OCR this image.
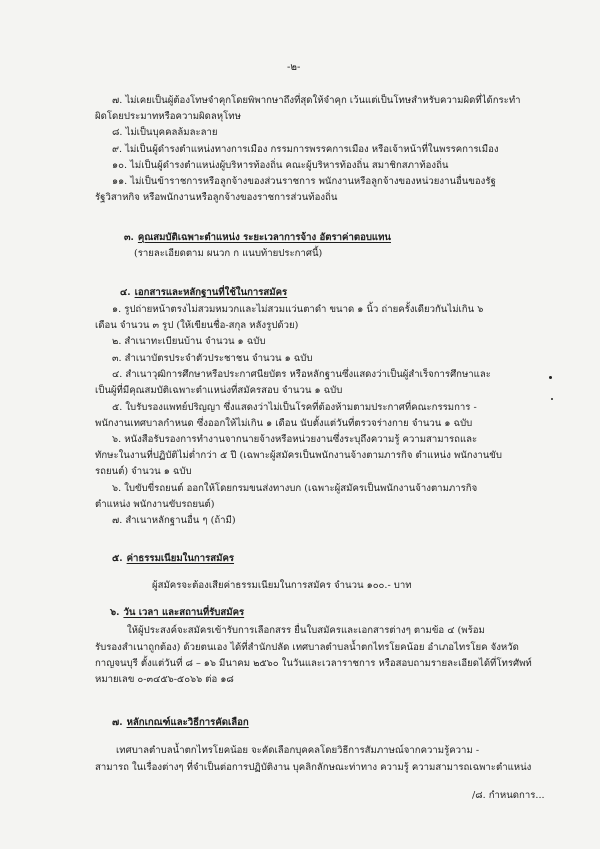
-๒-
๗. ไม่เคยเป็นผู้ต้องโทษจำคุกโดยพิพากษาถึงที่สุดให้จำคุก เว้นแต่เป็นโทษสำหรับความผิดที่ได้กระทำ
ผิดโดยประมาทหรือความผิดลหุโทษ
๘. ไม่เป็นบุคคลล้มละลาย
๙. ไม่เป็นผู้ดำรงตำแหน่งทางการเมือง กรรมการพรรคการเมือง หรือเจ้าหน้าที่ในพรรคการเมือง
๑๐. ไม่เป็นผู้ดำรงตำแหน่งผู้บริหารท้องถิ่น คณะผู้บริหารท้องถิ่น สมาชิกสภาท้องถิ่น
๑๑. ไม่เป็นข้าราชการหรือลูกจ้างของส่วนราชการ พนักงานหรือลูกจ้างของหน่วยงานอื่นของรัฐ
รัฐวิสาหกิจ หรือพนักงานหรือลูกจ้างของราชการส่วนท้องถิ่น
๓. คุณสมบัติเฉพาะตำแหน่ง ระยะเวลาการจ้าง อัตราค่าตอบแทน
(รายละเอียดตาม ผนวก ก แนบท้ายประกาศนี้)
๔. เอกสารและหลักฐานที่ใช้ในการสมัคร
๑. รูปถ่ายหน้าตรงไม่สวมหมวกและไม่สวมแว่นตาดำ ขนาด ๑ นิ้ว ถ่ายครั้งเดียวกันไม่เกิน ๖
เดือน จำนวน ๓ รูป (ให้เขียนชื่อ-สกุล หลังรูปด้วย)
๒. สำเนาทะเบียนบ้าน จำนวน ๑ ฉบับ
๓. สำเนาบัตรประจำตัวประชาชน จำนวน ๑ ฉบับ
๔. สำเนาวุฒิการศึกษาหรือประกาศนียบัตร หรือหลักฐานซึ่งแสดงว่าเป็นผู้สำเร็จการศึกษาและ
เป็นผู้ที่มีคุณสมบัติเฉพาะตำแหน่งที่สมัครสอบ จำนวน ๑ ฉบับ
๕. ใบรับรองแพทย์ปริญญา ซึ่งแสดงว่าไม่เป็นโรคที่ต้องห้ามตามประกาศที่คณะกรรมการ -
พนักงานเทศบาลกำหนด ซึ่งออกให้ไม่เกิน ๑ เดือน นับตั้งแต่วันที่ตรวจร่างกาย จำนวน ๑ ฉบับ
๖. หนังสือรับรองการทำงานจากนายจ้างหรือหน่วยงานซึ่งระบุถึงความรู้ ความสามารถและ
ทักษะในงานที่ปฏิบัติไม่ต่ำกว่า ๕ ปี (เฉพาะผู้สมัครเป็นพนักงานจ้างตามภารกิจ ตำแหน่ง พนักงานขับ
รถยนต์) จำนวน ๑ ฉบับ
๖. ใบขับขี่รถยนต์ ออกให้โดยกรมขนส่งทางบก (เฉพาะผู้สมัครเป็นพนักงานจ้างตามภารกิจ
ตำแหน่ง พนักงานขับรถยนต์)
๗. สำเนาหลักฐานอื่น ๆ (ถ้ามี)
๕. ค่าธรรมเนียมในการสมัคร
ผู้สมัครจะต้องเสียค่าธรรมเนียมในการสมัคร จำนวน ๑๐๐.- บาท
๖. วัน เวลา และสถานที่รับสมัคร
ให้ผู้ประสงค์จะสมัครเข้ารับการเลือกสรร ยื่นใบสมัครและเอกสารต่างๆ ตามข้อ ๔ (พร้อม
รับรองสำเนาถูกต้อง) ด้วยตนเอง ได้ที่สำนักปลัด เทศบาลตำบลน้ำตกไทรโยคน้อย อำเภอไทรโยค จังหวัด
กาญจนบุรี ตั้งแต่วันที่ ๘ – ๑๖ มีนาคม ๒๕๖๐ ในวันและเวลาราชการ หรือสอบถามรายละเอียดได้ที่โทรศัพท์
หมายเลข ๐-๓๔๕๖-๕๐๖๖ ต่อ ๑๘
๗. หลักเกณฑ์และวิธีการคัดเลือก
เทศบาลตำบลน้ำตกไทรโยคน้อย จะคัดเลือกบุคคลโดยวิธีการสัมภาษณ์จากความรู้ความ -
สามารถ ในเรื่องต่างๆ ที่จำเป็นต่อการปฏิบัติงาน บุคลิกลักษณะท่าทาง ความรู้ ความสามารถเฉพาะตำแหน่ง
/๘. กำหนดการ...
